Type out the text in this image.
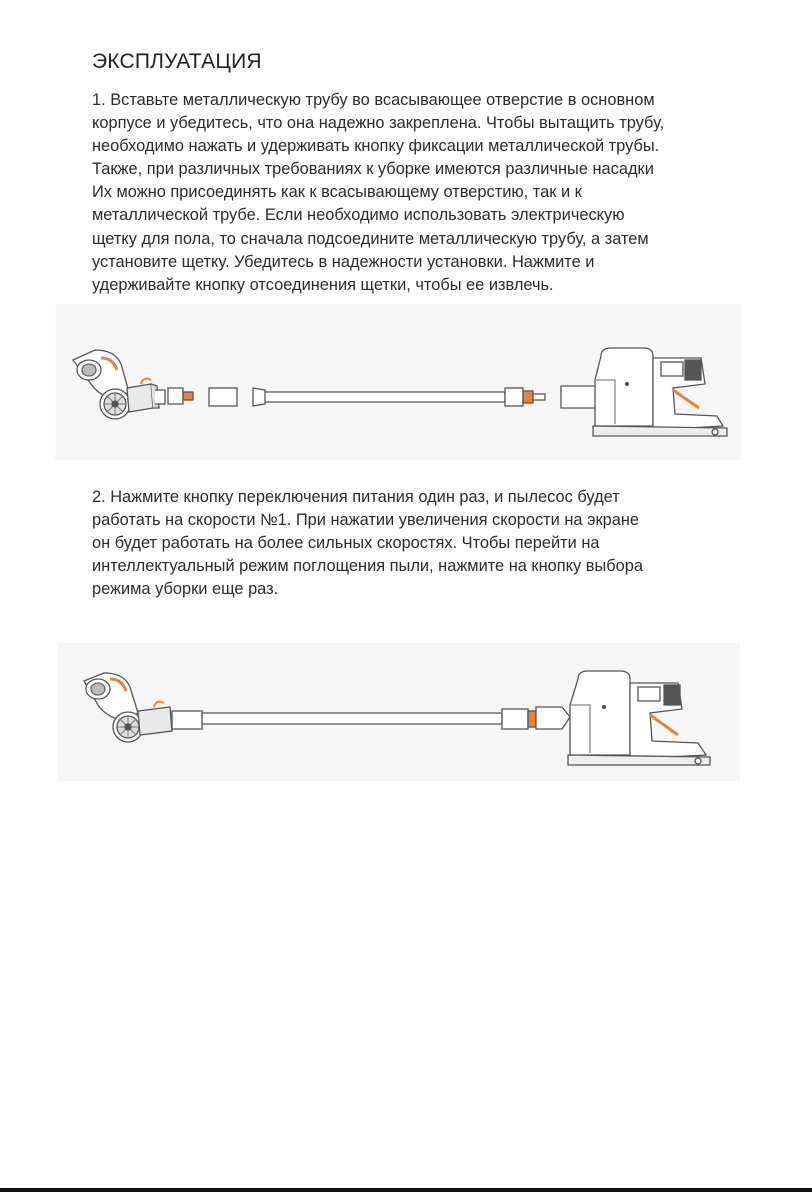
ЭКСПЛУАТАЦИЯ
1. Вставьте металлическую трубу во всасывающее отверстие в основном
корпусе и убедитесь, что она надежно закреплена. Чтобы вытащить трубу,
необходимо нажать и удерживать кнопку фиксации металлической трубы.
Также, при различных требованиях к уборке имеются различные насадки
Их можно присоединять как к всасывающему отверстию, так и к
металлической трубе. Если необходимо использовать электрическую
щетку для пола, то сначала подсоедините металлическую трубу, а затем
установите щетку. Убедитесь в надежности установки. Нажмите и
удерживайте кнопку отсоединения щетки, чтобы ее извлечь.
2. Нажмите кнопку переключения питания один раз, и пылесос будет
работать на скорости №1. При нажатии увеличения скорости на экране
он будет работать на более сильных скоростях. Чтобы перейти на
интеллектуальный режим поглощения пыли, нажмите на кнопку выбора
режима уборки еще раз.
